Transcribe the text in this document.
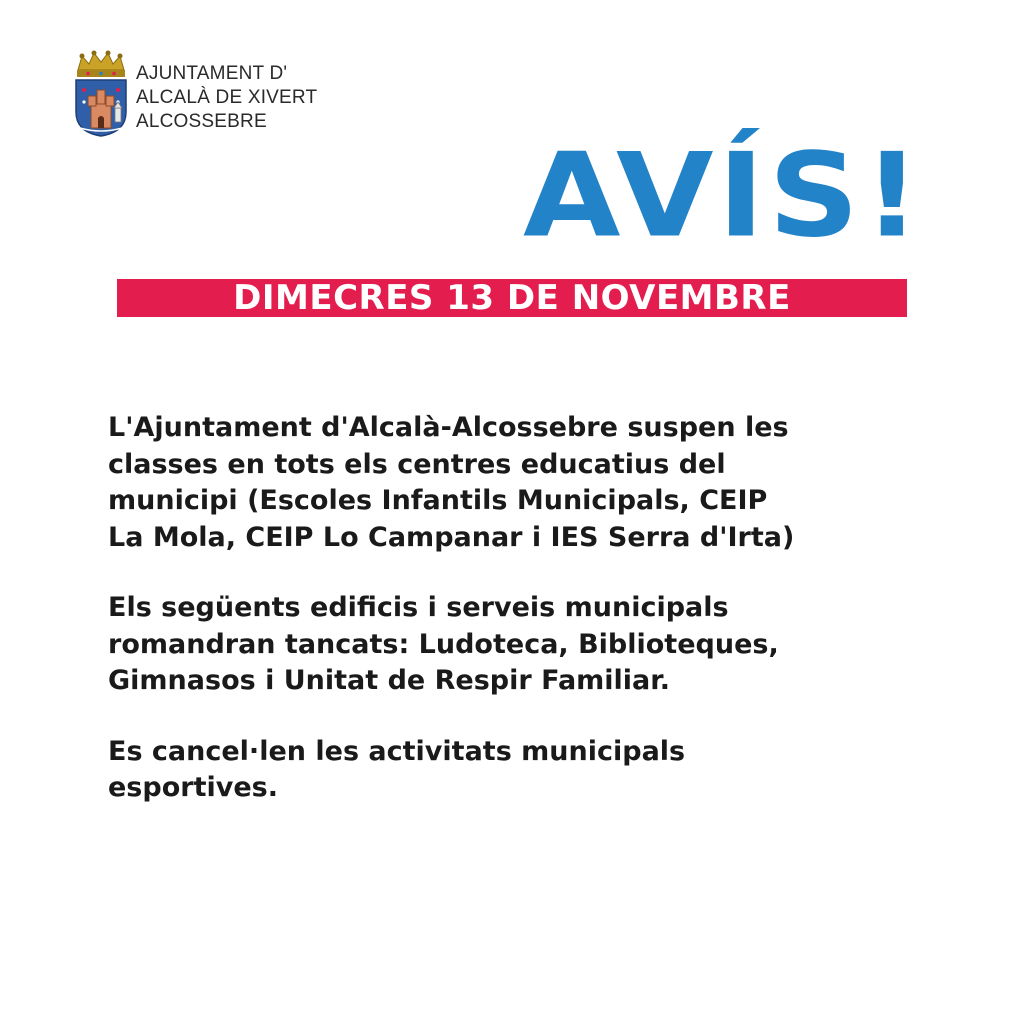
AJUNTAMENT D'
ALCALÀ DE XIVERT
ALCOSSEBRE
AVÍS!
DIMECRES 13 DE NOVEMBRE

L'Ajuntament d'Alcalà-Alcossebre suspen les
classes en tots els centres educatius del
municipi (Escoles Infantils Municipals, CEIP
La Mola, CEIP Lo Campanar i IES Serra d'Irta)

Els següents edificis i serveis municipals
romandran tancats: Ludoteca, Biblioteques,
Gimnasos i Unitat de Respir Familiar.

Es cancel·len les activitats municipals
esportives.
